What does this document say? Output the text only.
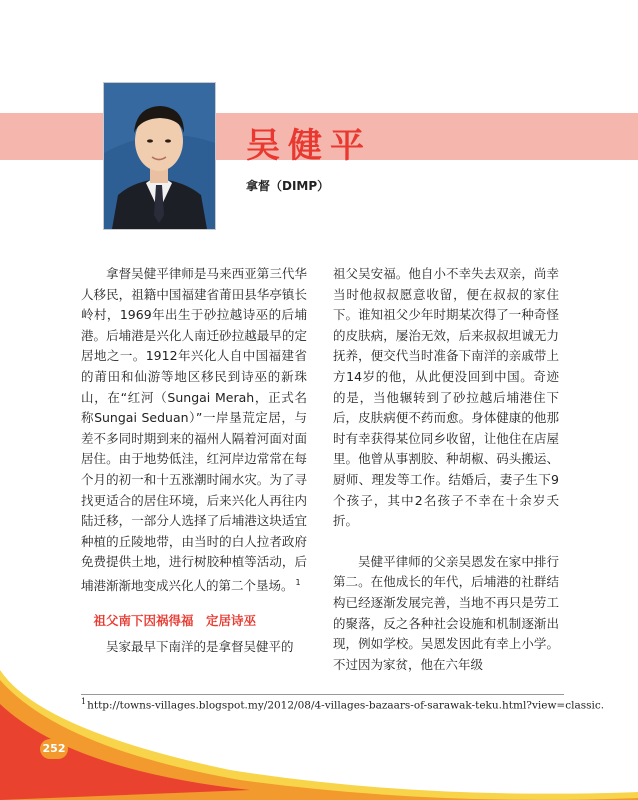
吴健平
拿督（DIMP）

拿督吴健平律师是马来西亚第三代华人移民，祖籍中国福建省莆田县华亭镇长岭村，1969年出生于砂拉越诗巫的后埔港。后埔港是兴化人南迁砂拉越最早的定居地之一。1912年兴化人自中国福建省的莆田和仙游等地区移民到诗巫的新珠山，在“红河（Sungai Merah，正式名称Sungai Seduan）”一岸垦荒定居，与差不多同时期到来的福州人隔着河面对面居住。由于地势低洼，红河岸边常常在每个月的初一和十五涨潮时闹水灾。为了寻找更适合的居住环境，后来兴化人再往内陆迁移，一部分人选择了后埔港这块适宜种植的丘陵地带，由当时的白人拉者政府免费提供土地，进行树胶种植等活动，后埔港渐渐地变成兴化人的第二个垦场。 $^1$

祖父南下因祸得福　定居诗巫

吴家最早下南洋的是拿督吴健平的

祖父吴安福。他自小不幸失去双亲，尚幸当时他叔叔愿意收留，便在叔叔的家住下。谁知祖父少年时期某次得了一种奇怪的皮肤病，屡治无效，后来叔叔坦诚无力抚养，便交代当时准备下南洋的亲戚带上方14岁的他，从此便没回到中国。奇迹的是，当他辗转到了砂拉越后埔港住下后，皮肤病便不药而愈。身体健康的他那时有幸获得某位同乡收留，让他住在店屋里。他曾从事割胶、种胡椒、码头搬运、厨师、理发等工作。结婚后，妻子生下9个孩子，其中2名孩子不幸在十余岁夭折。

吴健平律师的父亲吴恩发在家中排行第二。在他成长的年代，后埔港的社群结构已经逐渐发展完善，当地不再只是劳工的聚落，反之各种社会设施和机制逐渐出现，例如学校。吴恩发因此有幸上小学。不过因为家贫，他在六年级

$^1$http://towns-villages.blogspot.my/2012/08/4-villages-bazaars-of-sarawak-teku.html?view=classic.
252
